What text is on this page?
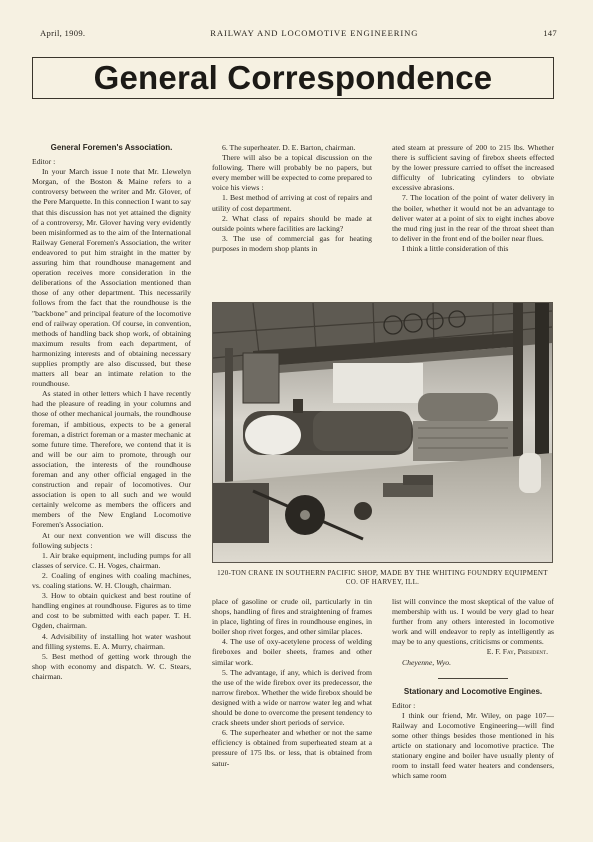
April, 1909.	RAILWAY AND LOCOMOTIVE ENGINEERING	147
General Correspondence
General Foremen's Association.

Editor :

In your March issue I note that Mr. Llewelyn Morgan, of the Boston & Maine refers to a controversy between the writer and Mr. Glover, of the Pere Marquette. In this connection I want to say that this discussion has not yet attained the dignity of a controversy, Mr. Glover having very evidently been misinformed as to the aim of the International Railway General Foremen's Association, the writer endeavored to put him straight in the matter by assuring him that roundhouse management and operation receives more consideration in the deliberations of the Association mentioned than those of any other department. This necessarily follows from the fact that the roundhouse is the "backbone" and principal feature of the locomotive end of railway operation. Of course, in convention, methods of handling back shop work, of obtaining maximum results from each department, of harmonizing interests and of obtaining necessary supplies promptly are also discussed, but these matters all bear an intimate relation to the roundhouse.

As stated in other letters which I have recently had the pleasure of reading in your columns and those of other mechanical journals, the roundhouse foreman, if ambitious, expects to be a general foreman, a district foreman or a master mechanic at some future time. Therefore, we contend that it is and will be our aim to promote, through our association, the interests of the roundhouse foreman and any other official engaged in the construction and repair of locomotives. Our association is open to all such and we would certainly welcome as members the officers and members of the New England Locomotive Foremen's Association.

At our next convention we will discuss the following subjects :

1. Air brake equipment, including pumps for all classes of service. C. H. Voges, chairman.

2. Coaling of engines with coaling machines, vs. coaling stations. W. H. Clough, chairman.

3. How to obtain quickest and best routine of handling engines at roundhouse. Figures as to time and cost to be submitted with each paper. T. H. Ogden, chairman.

4. Advisibility of installing hot water washout and filling systems. E. A. Murry, chairman.

5. Best method of getting work through the shop with economy and dispatch. W. C. Stears, chairman.

6. The superheater. D. E. Barton, chairman.

There will also be a topical discussion on the following. There will probably be no papers, but every member will be expected to come prepared to voice his views :

1. Best method of arriving at cost of repairs and utility of cost department.

2. What class of repairs should be made at outside points where facilities are lacking?

3. The use of commercial gas for heating purposes in modern shop plants in

ated steam at pressure of 200 to 215 lbs. Whether there is sufficient saving of firebox sheets effected by the lower pressure carried to offset the increased difficulty of lubricating cylinders to obviate excessive abrasions.

7. The location of the point of water delivery in the boiler, whether it would not be an advantage to deliver water at a point of six to eight inches above the mud ring just in the rear of the throat sheet than to deliver in the front end of the boiler near flues.

I think a little consideration of this

120-TON CRANE IN SOUTHERN PACIFIC SHOP, MADE BY THE WHITING FOUNDRY EQUIPMENT CO. OF HARVEY, ILL.

place of gasoline or crude oil, particularly in tin shops, handling of fires and straightening of frames in place, lighting of fires in roundhouse engines, in boiler shop rivet forges, and other similar places.

4. The use of oxy-acetylene process of welding fireboxes and boiler sheets, frames and other similar work.

5. The advantage, if any, which is derived from the use of the wide firebox over its predecessor, the narrow firebox. Whether the wide firebox should be designed with a wide or narrow water leg and what should be done to overcome the present tendency to crack sheets under short periods of service.

6. The superheater and whether or not the same efficiency is obtained from superheated steam at a pressure of 175 lbs. or less, that is obtained from satur-

list will convince the most skeptical of the value of membership with us. I would be very glad to hear further from any others interested in locomotive work and will endeavor to reply as intelligently as may be to any questions, criticisms or comments.

E. F. Fay, President.

Cheyenne, Wyo.

Stationary and Locomotive Engines.

Editor :

I think our friend, Mr. Wiley, on page 107—Railway and Locomotive Engineering—will find some other things besides those mentioned in his article on stationary and locomotive practice. The stationary engine and boiler have usually plenty of room to install feed water heaters and condensers, which same room
